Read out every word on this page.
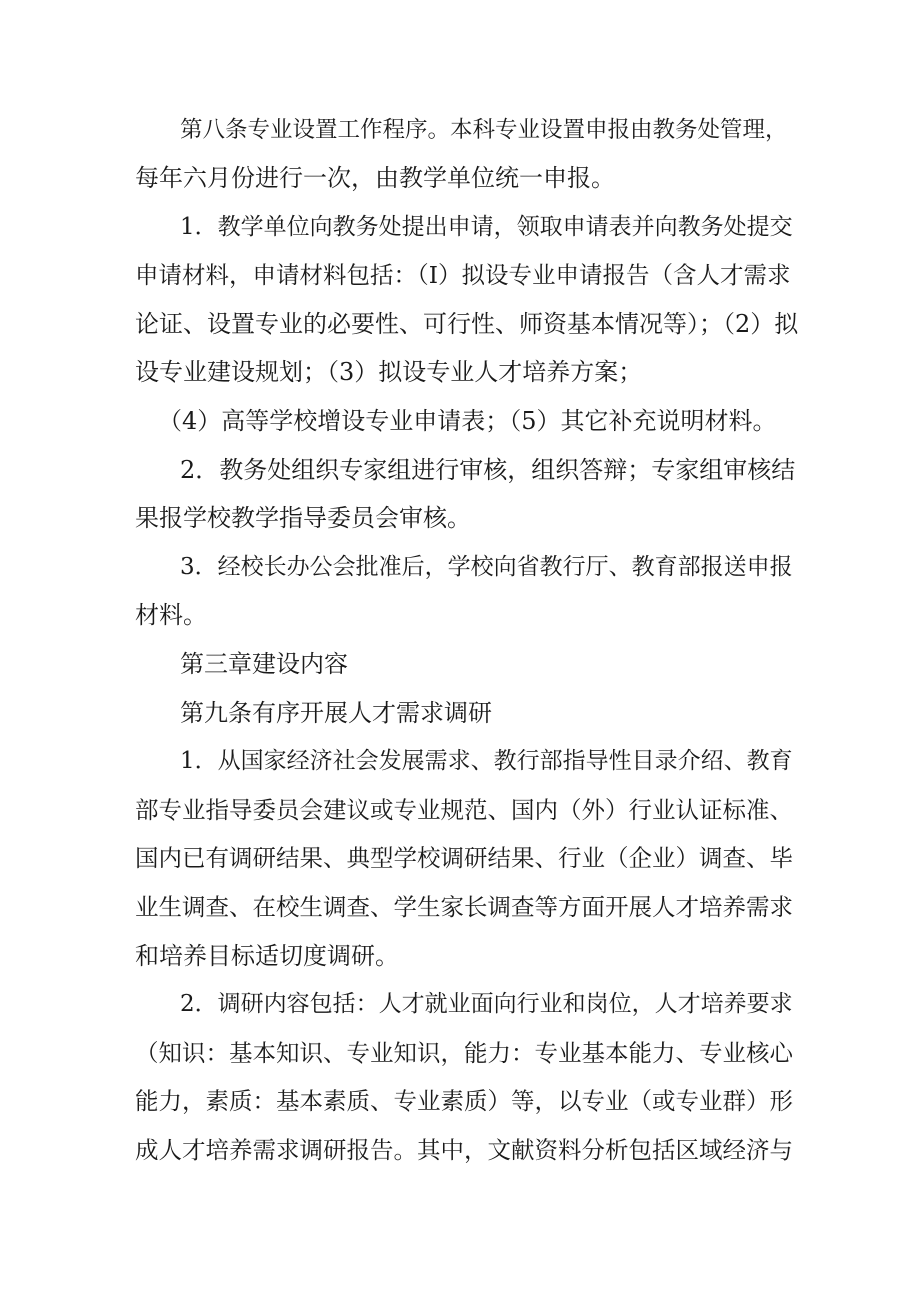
第八条专业设置工作程序。本科专业设置申报由教务处管理，
每年六月份进行一次，由教学单位统一申报。
1．教学单位向教务处提出申请，领取申请表并向教务处提交
申请材料，申请材料包括：（I）拟设专业申请报告（含人才需求
论证、设置专业的必要性、可行性、师资基本情况等）；（2）拟
设专业建设规划；（3）拟设专业人才培养方案；
（4）高等学校增设专业申请表；（5）其它补充说明材料。
2．教务处组织专家组进行审核，组织答辩；专家组审核结
果报学校教学指导委员会审核。
3．经校长办公会批准后，学校向省教行厅、教育部报送申报
材料。
第三章建设内容
第九条有序开展人才需求调研
1．从国家经济社会发展需求、教行部指导性目录介绍、教育
部专业指导委员会建议或专业规范、国内（外）行业认证标准、
国内已有调研结果、典型学校调研结果、行业（企业）调查、毕
业生调查、在校生调查、学生家长调查等方面开展人才培养需求
和培养目标适切度调研。
2．调研内容包括：人才就业面向行业和岗位，人才培养要求
（知识：基本知识、专业知识，能力：专业基本能力、专业核心
能力，素质：基本素质、专业素质）等，以专业（或专业群）形
成人才培养需求调研报告。其中，文献资料分析包括区域经济与
